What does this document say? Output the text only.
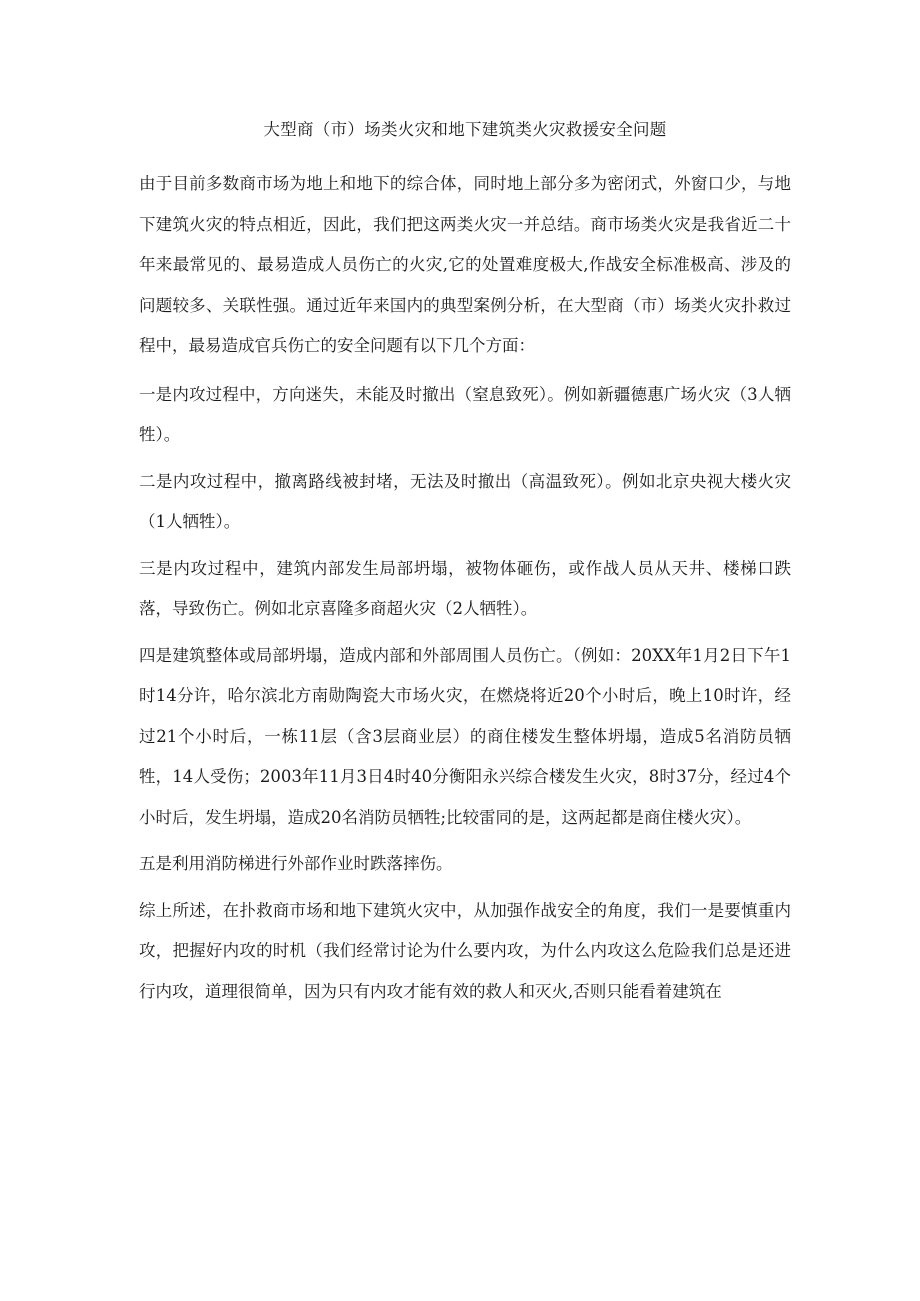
大型商（市）场类火灾和地下建筑类火灾救援安全问题

由于目前多数商市场为地上和地下的综合体，同时地上部分多为密闭式，外窗口少，与地下建筑火灾的特点相近，因此，我们把这两类火灾一并总结。商市场类火灾是我省近二十年来最常见的、最易造成人员伤亡的火灾,它的处置难度极大,作战安全标准极高、涉及的问题较多、关联性强。通过近年来国内的典型案例分析，在大型商（市）场类火灾扑救过程中，最易造成官兵伤亡的安全问题有以下几个方面：

一是内攻过程中，方向迷失，未能及时撤出（窒息致死）。例如新疆德惠广场火灾（3人牺牲）。

二是内攻过程中，撤离路线被封堵，无法及时撤出（高温致死）。例如北京央视大楼火灾（1人牺牲）。

三是内攻过程中，建筑内部发生局部坍塌，被物体砸伤，或作战人员从天井、楼梯口跌落，导致伤亡。例如北京喜隆多商超火灾（2人牺牲）。

四是建筑整体或局部坍塌，造成内部和外部周围人员伤亡。（例如：20XX年1月2日下午1时14分许，哈尔滨北方南勋陶瓷大市场火灾，在燃烧将近20个小时后，晚上10时许，经过21个小时后，一栋11层（含3层商业层）的商住楼发生整体坍塌，造成5名消防员牺牲，14人受伤；2003年11月3日4时40分衡阳永兴综合楼发生火灾，8时37分，经过4个小时后，发生坍塌，造成20名消防员牺牲;比较雷同的是，这两起都是商住楼火灾）。

五是利用消防梯进行外部作业时跌落摔伤。

综上所述，在扑救商市场和地下建筑火灾中，从加强作战安全的角度，我们一是要慎重内攻，把握好内攻的时机（我们经常讨论为什么要内攻，为什么内攻这么危险我们总是还进行内攻，道理很简单，因为只有内攻才能有效的救人和灭火,否则只能看着建筑在
